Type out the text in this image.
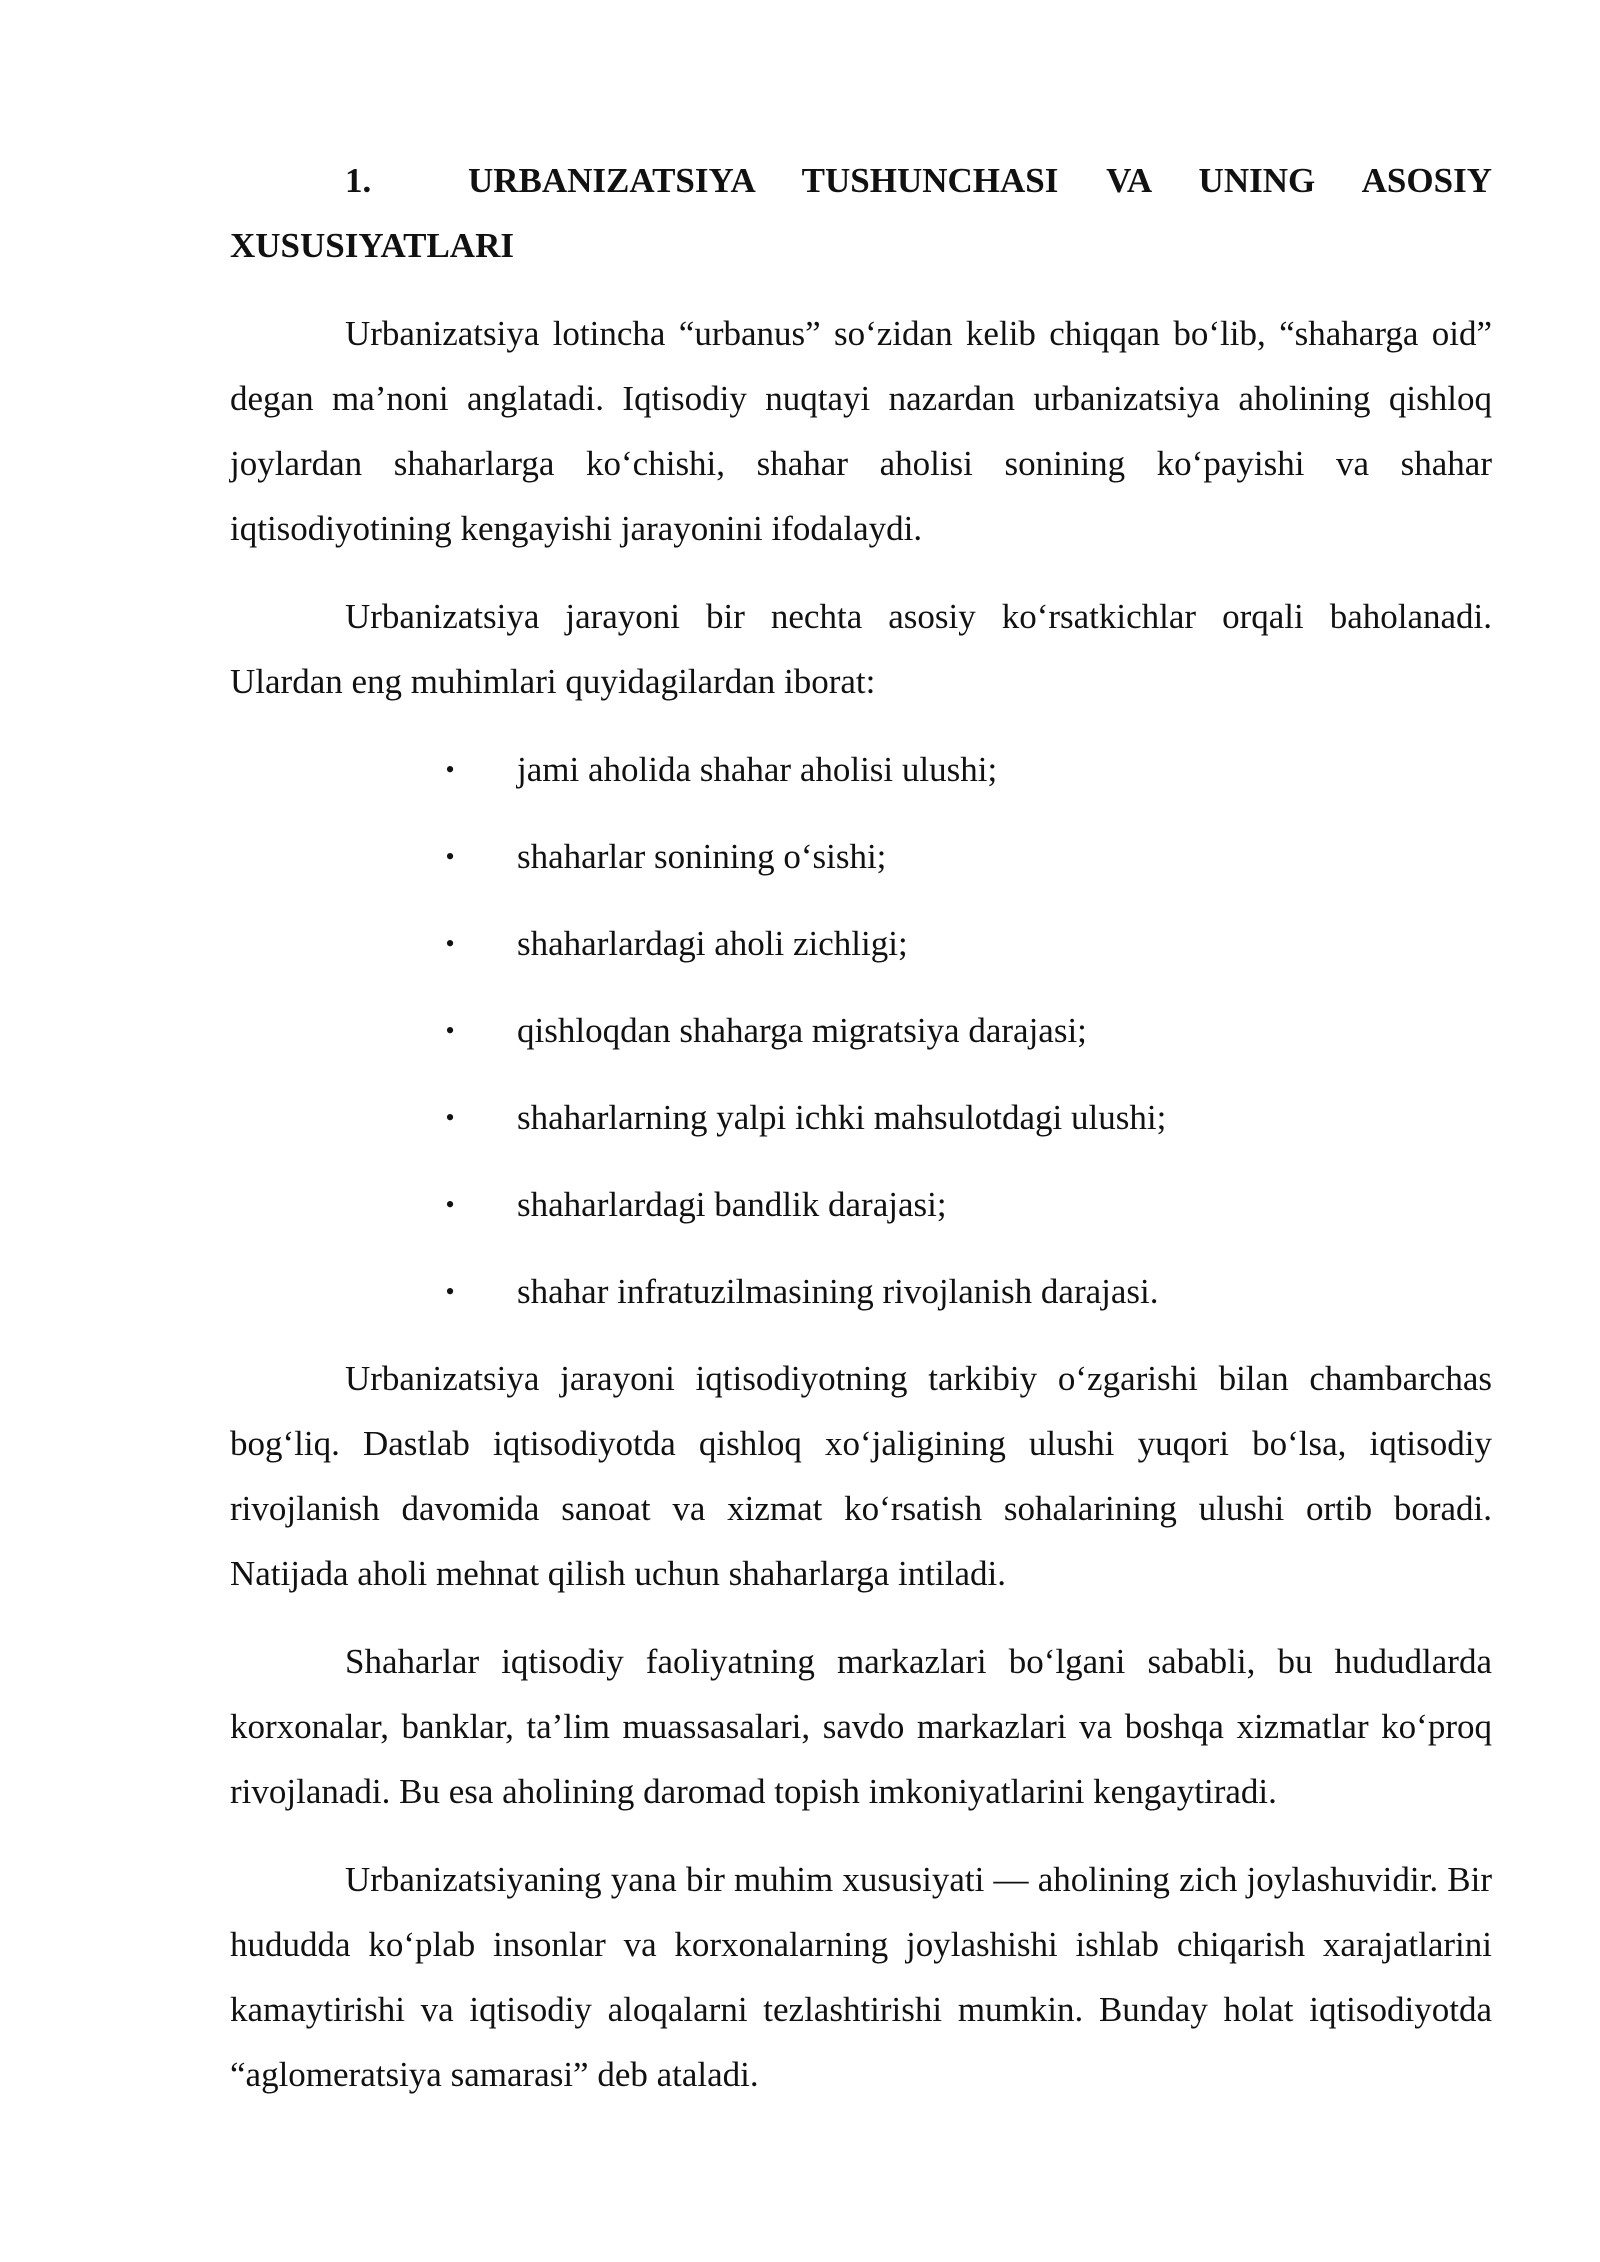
1.  URBANIZATSIYA TUSHUNCHASI VA UNING ASOSIY XUSUSIYATLARI

Urbanizatsiya lotincha “urbanus” so‘zidan kelib chiqqan bo‘lib, “shaharga oid” degan ma’noni anglatadi. Iqtisodiy nuqtayi nazardan urbanizatsiya aholining qishloq joylardan shaharlarga ko‘chishi, shahar aholisi sonining ko‘payishi va shahar iqtisodiyotining kengayishi jarayonini ifodalaydi.

Urbanizatsiya jarayoni bir nechta asosiy ko‘rsatkichlar orqali baholanadi. Ulardan eng muhimlari quyidagilardan iborat:

• jami aholida shahar aholisi ulushi;
• shaharlar sonining o‘sishi;
• shaharlardagi aholi zichligi;
• qishloqdan shaharga migratsiya darajasi;
• shaharlarning yalpi ichki mahsulotdagi ulushi;
• shaharlardagi bandlik darajasi;
• shahar infratuzilmasining rivojlanish darajasi.

Urbanizatsiya jarayoni iqtisodiyotning tarkibiy o‘zgarishi bilan chambarchas bog‘liq. Dastlab iqtisodiyotda qishloq xo‘jaligining ulushi yuqori bo‘lsa, iqtisodiy rivojlanish davomida sanoat va xizmat ko‘rsatish sohalarining ulushi ortib boradi. Natijada aholi mehnat qilish uchun shaharlarga intiladi.

Shaharlar iqtisodiy faoliyatning markazlari bo‘lgani sababli, bu hududlarda korxonalar, banklar, ta’lim muassasalari, savdo markazlari va boshqa xizmatlar ko‘proq rivojlanadi. Bu esa aholining daromad topish imkoniyatlarini kengaytiradi.

Urbanizatsiyaning yana bir muhim xususiyati — aholining zich joylashuvidir. Bir hududda ko‘plab insonlar va korxonalarning joylashishi ishlab chiqarish xarajatlarini kamaytirishi va iqtisodiy aloqalarni tezlashtirishi mumkin. Bunday holat iqtisodiyotda “aglomeratsiya samarasi” deb ataladi.
